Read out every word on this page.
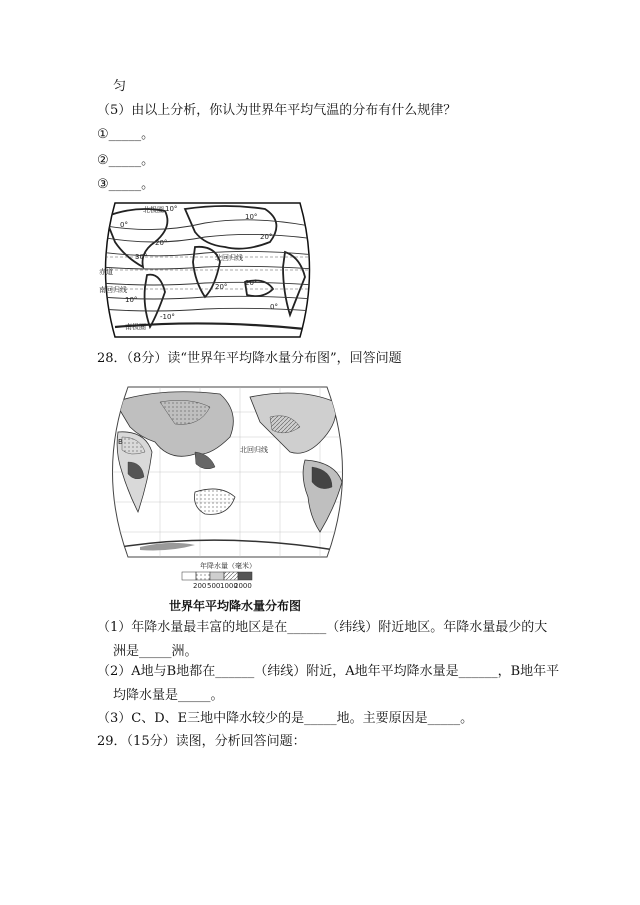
匀
（5）由以上分析，你认为世界年平均气温的分布有什么规律？
①_____。
②_____。
③_____。
赤道
北回归线
南回归线
北极圈
南极圈
10°
0°
10°
20°
20°
30°
20°
20°
10°
0°
-10°
28．（8分）读“世界年平均降水量分布图”，回答问题
B
北回归线
年降水量（毫米）
200 500 1000
2000
世界年平均降水量分布图
（1）年降水量最丰富的地区是在______（纬线）附近地区。年降水量最少的大
洲是_____洲。
（2）A地与B地都在______（纬线）附近，A地年平均降水量是______，B地年平
均降水量是_____。
（3）C、D、E三地中降水较少的是_____地。主要原因是_____。
29．（15分）读图，分析回答问题：
